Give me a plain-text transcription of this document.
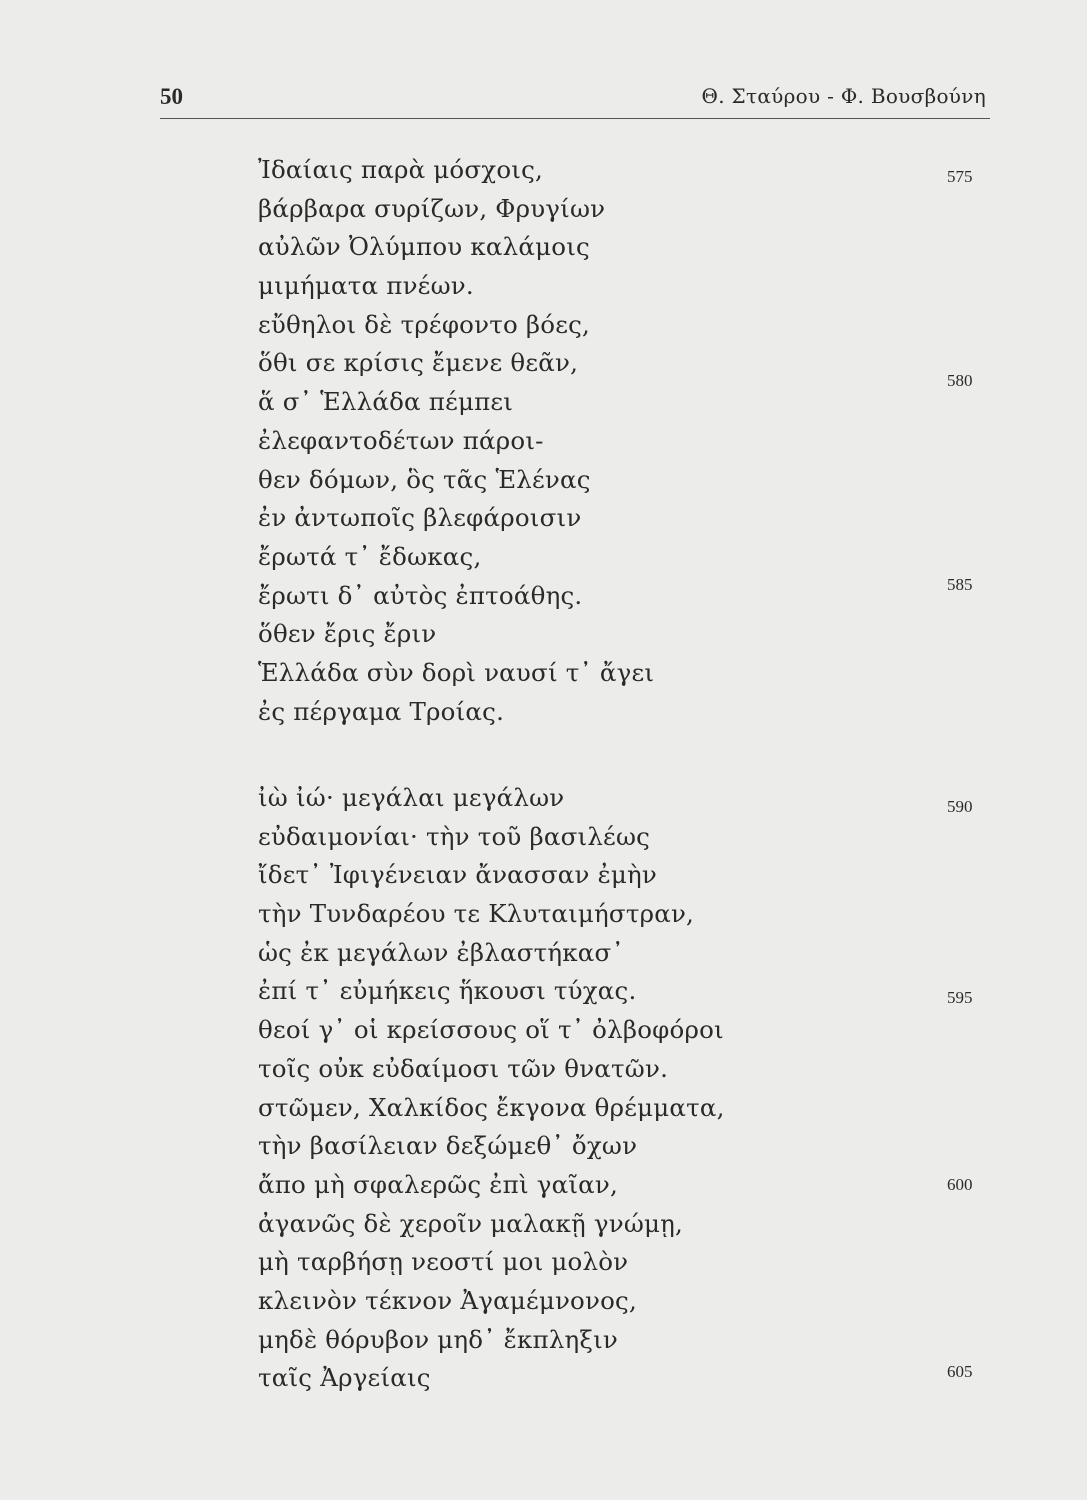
50	Θ. Σταύρου - Φ. Βουσβούνη
Ἰδαίαις παρὰ μόσχοις,
βάρβαρα συρίζων, Φρυγίων
αὐλῶν Ὀλύμπου καλάμοις
μιμήματα πνέων.
εὔθηλοι δὲ τρέφοντο βόες,
ὅθι σε κρίσις ἔμενε θεᾶν,
ἅ σ᾽ Ἑλλάδα πέμπει
ἐλεφαντοδέτων πάροι-
θεν δόμων, ὃς τᾶς Ἑλένας
ἐν ἀντωποῖς βλεφάροισιν
ἔρωτά τ᾽ ἔδωκας,
ἔρωτι δ᾽ αὐτὸς ἐπτοάθης.
ὅθεν ἔρις ἔριν
Ἑλλάδα σὺν δορὶ ναυσί τ᾽ ἄγει
ἐς πέργαμα Τροίας.
ἰὼ ἰώ· μεγάλαι μεγάλων
εὐδαιμονίαι· τὴν τοῦ βασιλέως
ἴδετ᾽ Ἰφιγένειαν ἄνασσαν ἐμὴν
τὴν Τυνδαρέου τε Κλυταιμήστραν,
ὡς ἐκ μεγάλων ἐβλαστήκασ᾽
ἐπί τ᾽ εὐμήκεις ἥκουσι τύχας.
θεοί γ᾽ οἱ κρείσσους οἵ τ᾽ ὀλβοφόροι
τοῖς οὐκ εὐδαίμοσι τῶν θνατῶν.
στῶμεν, Χαλκίδος ἔκγονα θρέμματα,
τὴν βασίλειαν δεξώμεθ᾽ ὄχων
ἄπο μὴ σφαλερῶς ἐπὶ γαῖαν,
ἀγανῶς δὲ χεροῖν μαλακῇ γνώμῃ,
μὴ ταρβήσῃ νεοστί μοι μολὸν
κλεινὸν τέκνον Ἀγαμέμνονος,
μηδὲ θόρυβον μηδ᾽ ἔκπληξιν
ταῖς Ἀργείαις
575
580
585
590
595
600
605
